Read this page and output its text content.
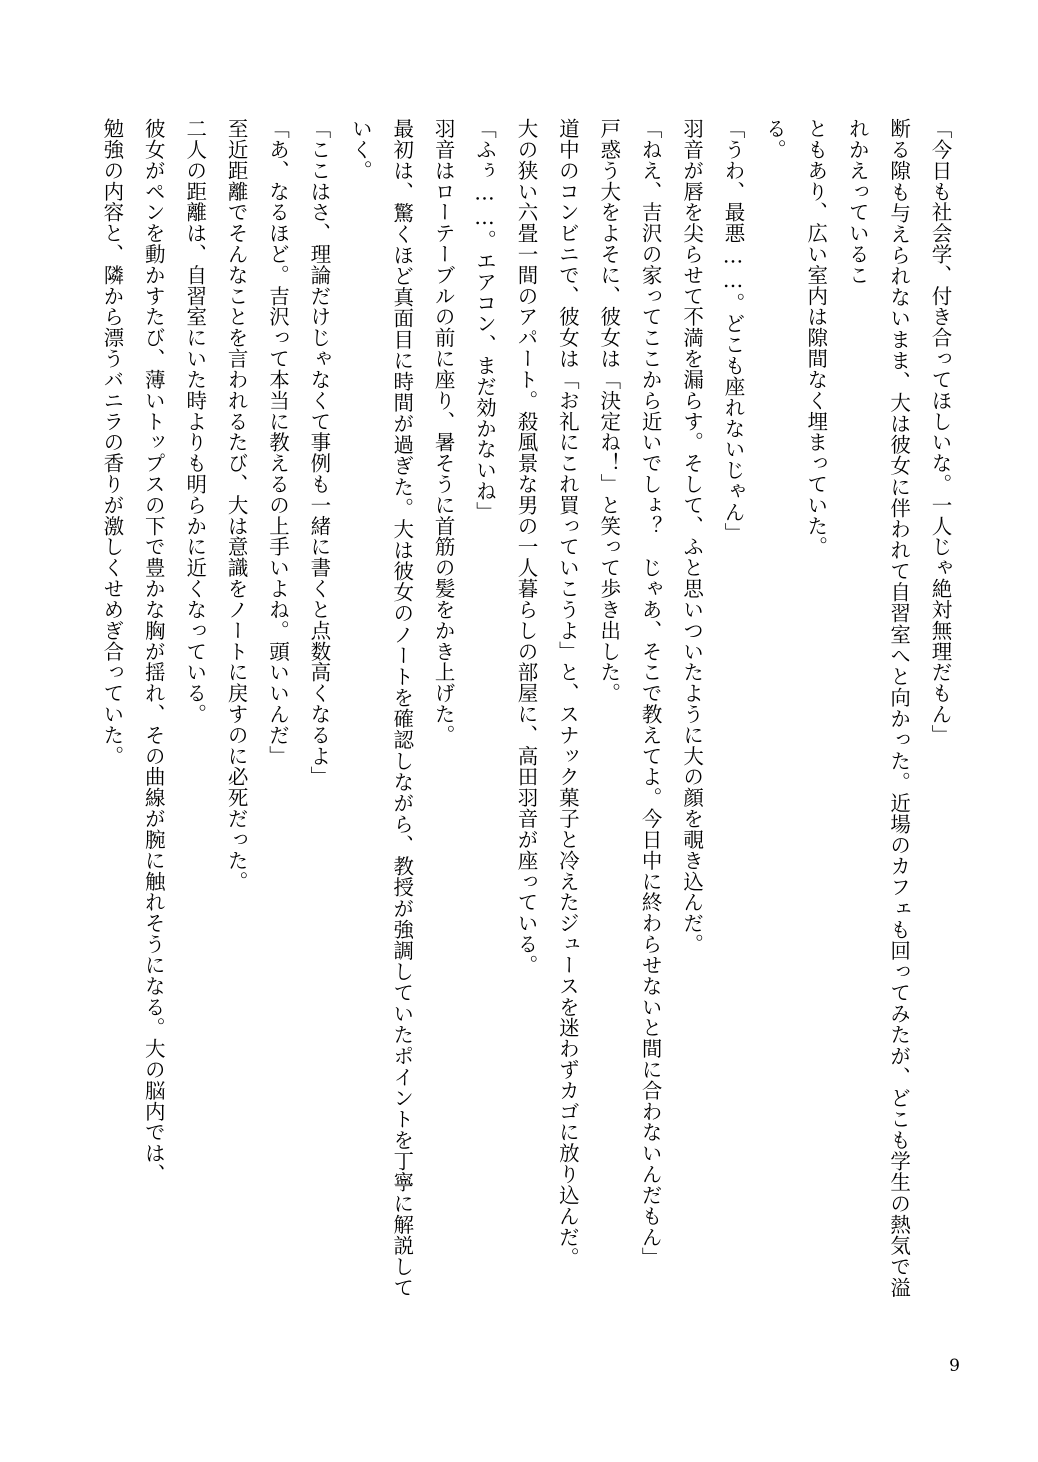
「今日も社会学、付き合ってほしいな。一人じゃ絶対無理だもん」

断る隙も与えられないまま、大は彼女に伴われて自習室へと向かった。近場のカフェも回ってみたが、どこも学生の熱気で溢れかえっているこ

ともあり、広い室内は隙間なく埋まっていた。

る。

「うわ、最悪……。どこも座れないじゃん」

羽音が唇を尖らせて不満を漏らす。そして、ふと思いついたように大の顔を覗き込んだ。

「ねえ、吉沢の家ってここから近いでしょ？　じゃあ、そこで教えてよ。今日中に終わらせないと間に合わないんだもん」

戸惑う大をよそに、彼女は「決定ね！」と笑って歩き出した。

道中のコンビニで、彼女は「お礼にこれ買っていこうよ」と、スナック菓子と冷えたジュースを迷わずカゴに放り込んだ。

大の狭い六畳一間のアパート。殺風景な男の一人暮らしの部屋に、高田羽音が座っている。

「ふぅ……。エアコン、まだ効かないね」

羽音はローテーブルの前に座り、暑そうに首筋の髪をかき上げた。

最初は、驚くほど真面目に時間が過ぎた。大は彼女のノートを確認しながら、教授が強調していたポイントを丁寧に解説していく。

「ここはさ、理論だけじゃなくて事例も一緒に書くと点数高くなるよ」

「あ、なるほど。吉沢って本当に教えるの上手いよね。頭いいんだ」

至近距離でそんなことを言われるたび、大は意識をノートに戻すのに必死だった。

二人の距離は、自習室にいた時よりも明らかに近くなっている。

彼女がペンを動かすたび、薄いトップスの下で豊かな胸が揺れ、その曲線が腕に触れそうになる。大の脳内では、

勉強の内容と、隣から漂うバニラの香りが激しくせめぎ合っていた。

9
